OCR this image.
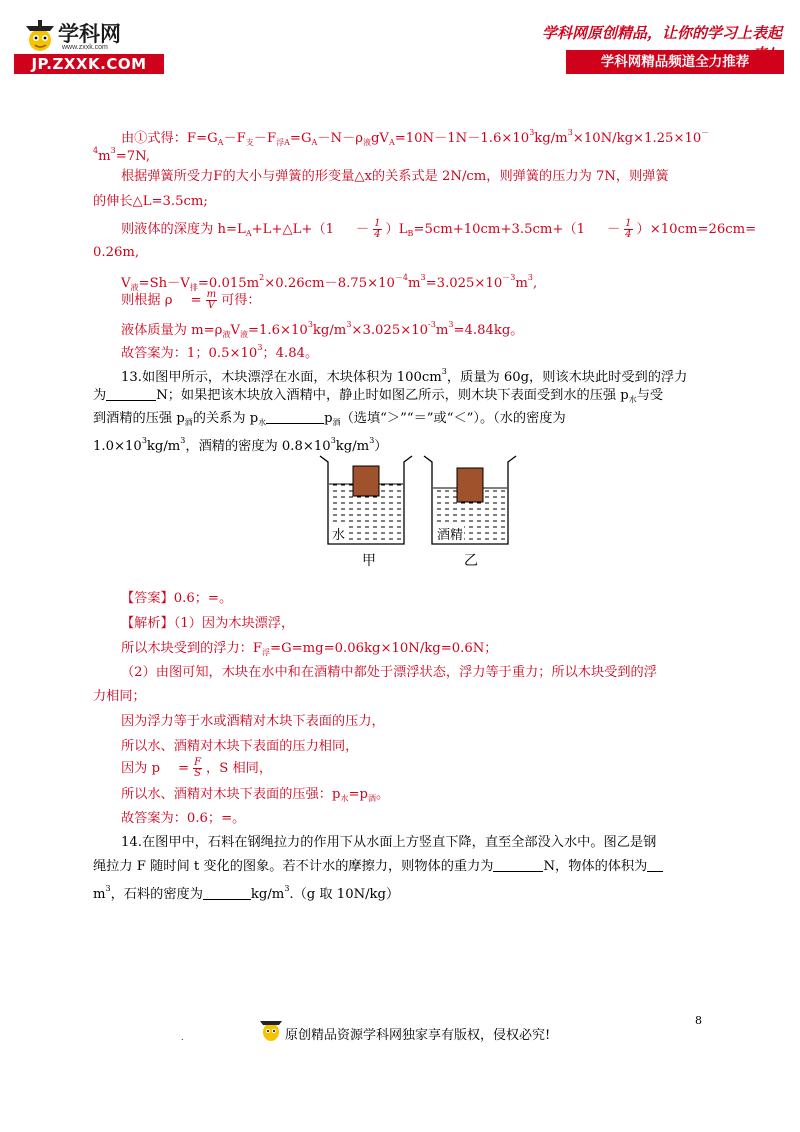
学科网
www.zxxk.com
JP.ZXXK.COM
学科网原创精品，让你的学习上表起
学科网精品频道全力推荐
由①式得：$F=G_A-F_支-F_{浮A}=G_A-N-\rho_液gV_A=10N-1N-1.6\times 10^3kg/m^3\times 10N/kg\times 1.25\times 10^-$
$^4m^3=7N$,
根据弹簧所受力F的大小与弹簧的形变量△x的关系式是 2N/cm，则弹簧的压力为 7N，则弹簧
的伸长△L=3.5cm;
则液体的深度为 $h=L_A+L+\triangle L+(1 - \frac{1}{4} )L_B=5cm+10cm+3.5cm+(1 - \frac{1}{4} )\times 10cm=26cm=$
0.26m,
$V_液=Sh-V_排=0.015m^2\times 0.26cm-8.75\times 10^{-4}m^3=3.025\times 10^{-3}m^3$,
则根据 $\rho = \frac{m}{V}$ 可得：
液体质量为 $m=\rho_液V_液=1.6\times 10^3kg/m^3\times 3.025\times 10^{-3}m^3=4.84kg$。
故答案为：1；$0.5\times 10^3$；4.84。
13.如图甲所示，木块漂浮在水面，木块体积为 $100cm^3$，质量为 60g，则该木块此时受到的浮力
为	N；如果把该木块放入酒精中，静止时如图乙所示，则木块下表面受到水的压强 $p_水$与受
到酒精的压强 $p_酒$的关系为 $p_水$	$p_酒$（选填“＞”“＝”或“＜”）。（水的密度为
$1.0\times 10^3kg/m^3$，酒精的密度为 $0.8\times 10^3kg/m^3$）
水	酒精
甲	乙
【答案】0.6；=。
【解析】（1）因为木块漂浮，
所以木块受到的浮力：$F_浮=G=mg=0.06kg\times 10N/kg=0.6N$；
（2）由图可知，木块在水中和在酒精中都处于漂浮状态，浮力等于重力；所以木块受到的浮
力相同；
因为浮力等于水或酒精对木块下表面的压力，
所以水、酒精对木块下表面的压力相同，
因为 $p = \frac{F}{S}$ ，S 相同，
所以水、酒精对木块下表面的压强：$p_水=p_酒$。
故答案为：0.6；=。
14.在图甲中，石料在钢绳拉力的作用下从水面上方竖直下降，直至全部没入水中。图乙是钢
绳拉力 F 随时间 t 变化的图象。若不计水的摩擦力，则物体的重力为	N，物体的体积为
$m^3$，石料的密度为	$kg/m^3.(g$ 取 10N/kg）
.	原创精品资源学科网独家享有版权，侵权必究!
8
